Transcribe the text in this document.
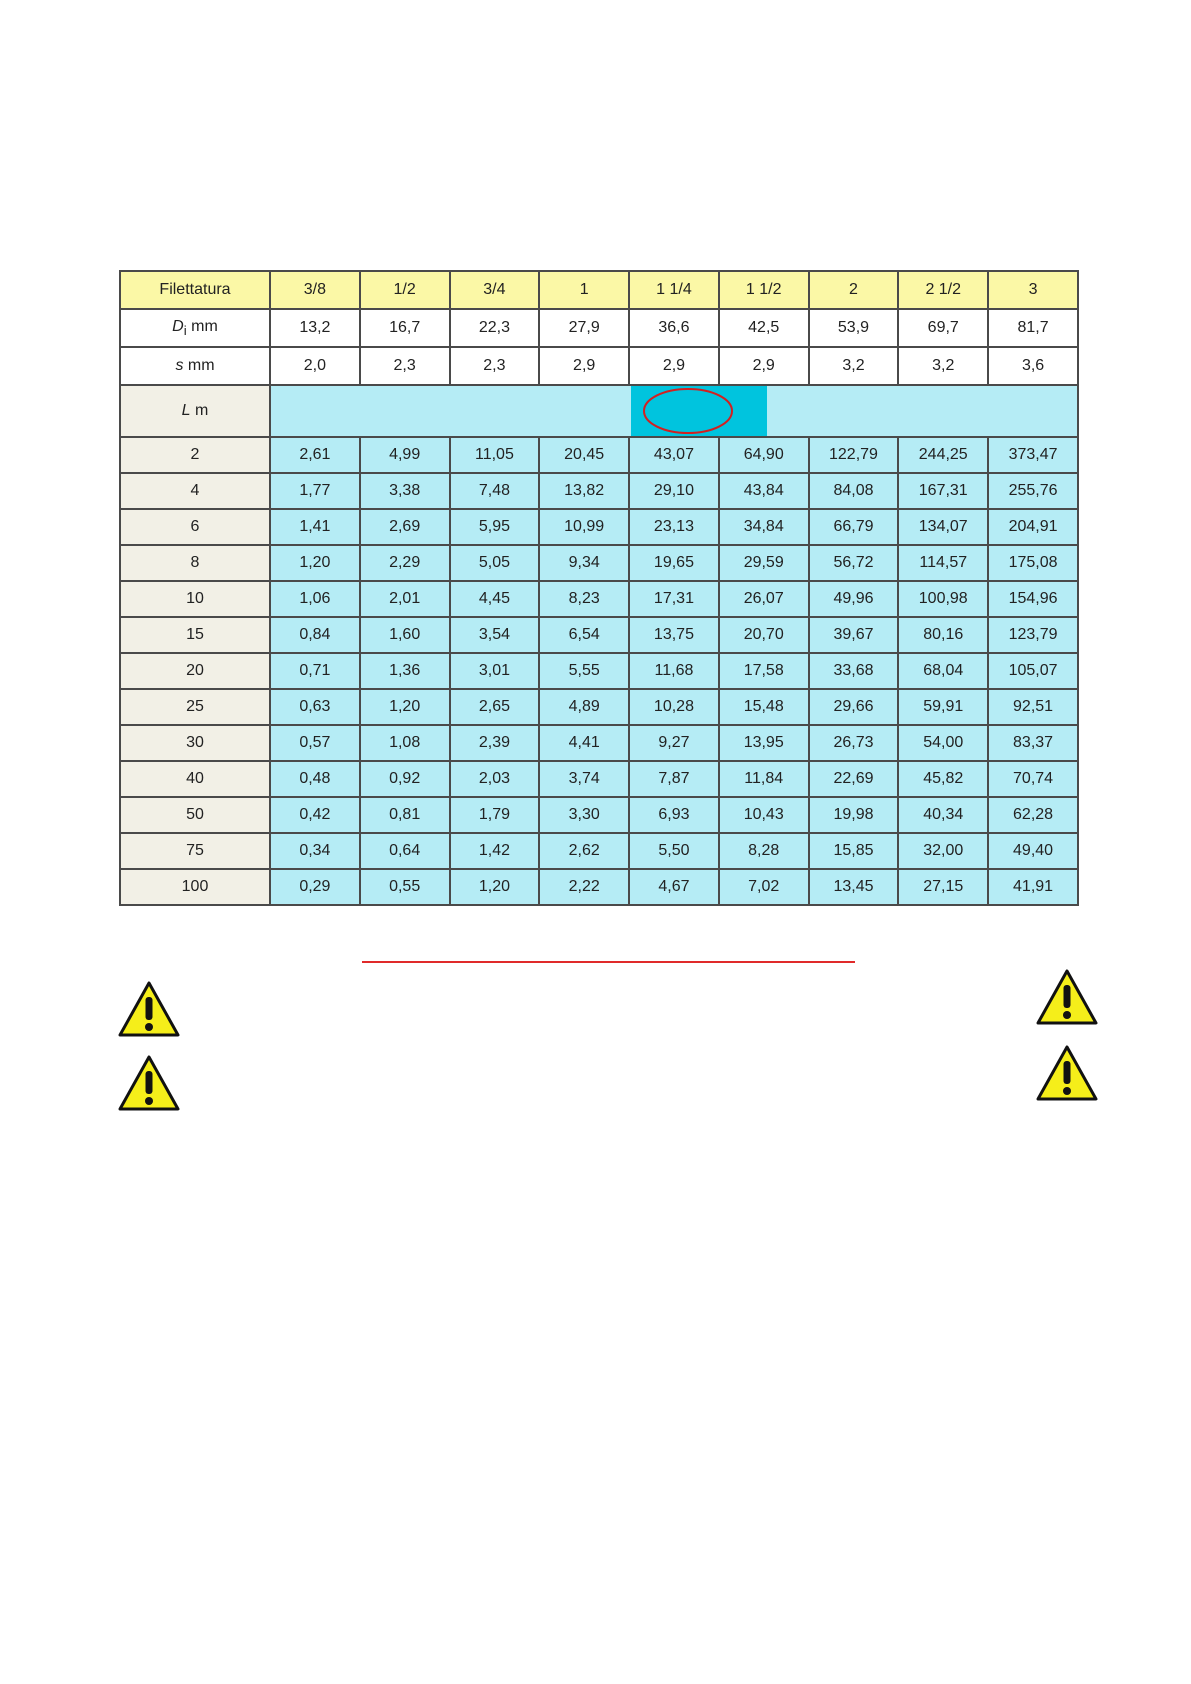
Filettatura	3/8	1/2	3/4	1	1 1/4	1 1/2	2	2 1/2	3
$D_i$ mm	13,2	16,7	22,3	27,9	36,6	42,5	53,9	69,7	81,7
s mm	2,0	2,3	2,3	2,9	2,9	2,9	3,2	3,2	3,6
L m	

2	2,61	4,99	11,05	20,45	43,07	64,90	122,79	244,25	373,47
4	1,77	3,38	7,48	13,82	29,10	43,84	84,08	167,31	255,76
6	1,41	2,69	5,95	10,99	23,13	34,84	66,79	134,07	204,91
8	1,20	2,29	5,05	9,34	19,65	29,59	56,72	114,57	175,08
10	1,06	2,01	4,45	8,23	17,31	26,07	49,96	100,98	154,96
15	0,84	1,60	3,54	6,54	13,75	20,70	39,67	80,16	123,79
20	0,71	1,36	3,01	5,55	11,68	17,58	33,68	68,04	105,07
25	0,63	1,20	2,65	4,89	10,28	15,48	29,66	59,91	92,51
30	0,57	1,08	2,39	4,41	9,27	13,95	26,73	54,00	83,37
40	0,48	0,92	2,03	3,74	7,87	11,84	22,69	45,82	70,74
50	0,42	0,81	1,79	3,30	6,93	10,43	19,98	40,34	62,28
75	0,34	0,64	1,42	2,62	5,50	8,28	15,85	32,00	49,40
100	0,29	0,55	1,20	2,22	4,67	7,02	13,45	27,15	41,91
